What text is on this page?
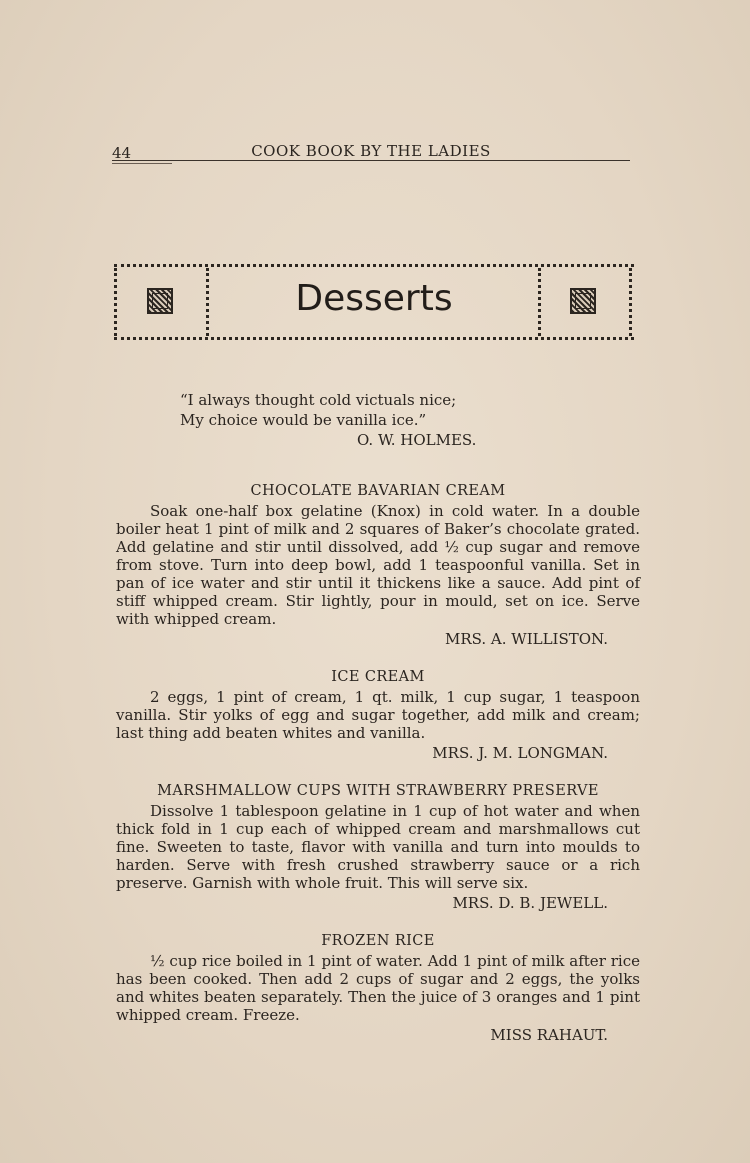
44	COOK BOOK BY THE LADIES
Desserts
“I always thought cold victuals nice;
My choice would be vanilla ice.”
O. W. HOLMES.
CHOCOLATE BAVARIAN CREAM
Soak one-half box gelatine (Knox) in cold water. In a double boiler heat 1 pint of milk and 2 squares of Baker’s chocolate grated. Add gelatine and stir until dissolved, add ½ cup sugar and remove from stove. Turn into deep bowl, add 1 teaspoonful vanilla. Set in pan of ice water and stir until it thickens like a sauce. Add pint of stiff whipped cream. Stir lightly, pour in mould, set on ice. Serve with whipped cream.
MRS. A. WILLISTON.
ICE CREAM
2 eggs, 1 pint of cream, 1 qt. milk, 1 cup sugar, 1 teaspoon vanilla. Stir yolks of egg and sugar together, add milk and cream; last thing add beaten whites and vanilla.
MRS. J. M. LONGMAN.
MARSHMALLOW CUPS WITH STRAWBERRY PRESERVE
Dissolve 1 tablespoon gelatine in 1 cup of hot water and when thick fold in 1 cup each of whipped cream and marshmallows cut fine. Sweeten to taste, flavor with vanilla and turn into moulds to harden. Serve with fresh crushed strawberry sauce or a rich preserve. Garnish with whole fruit. This will serve six.
MRS. D. B. JEWELL.
FROZEN RICE
½ cup rice boiled in 1 pint of water. Add 1 pint of milk after rice has been cooked. Then add 2 cups of sugar and 2 eggs, the yolks and whites beaten separately. Then the juice of 3 oranges and 1 pint whipped cream. Freeze.
MISS RAHAUT.
